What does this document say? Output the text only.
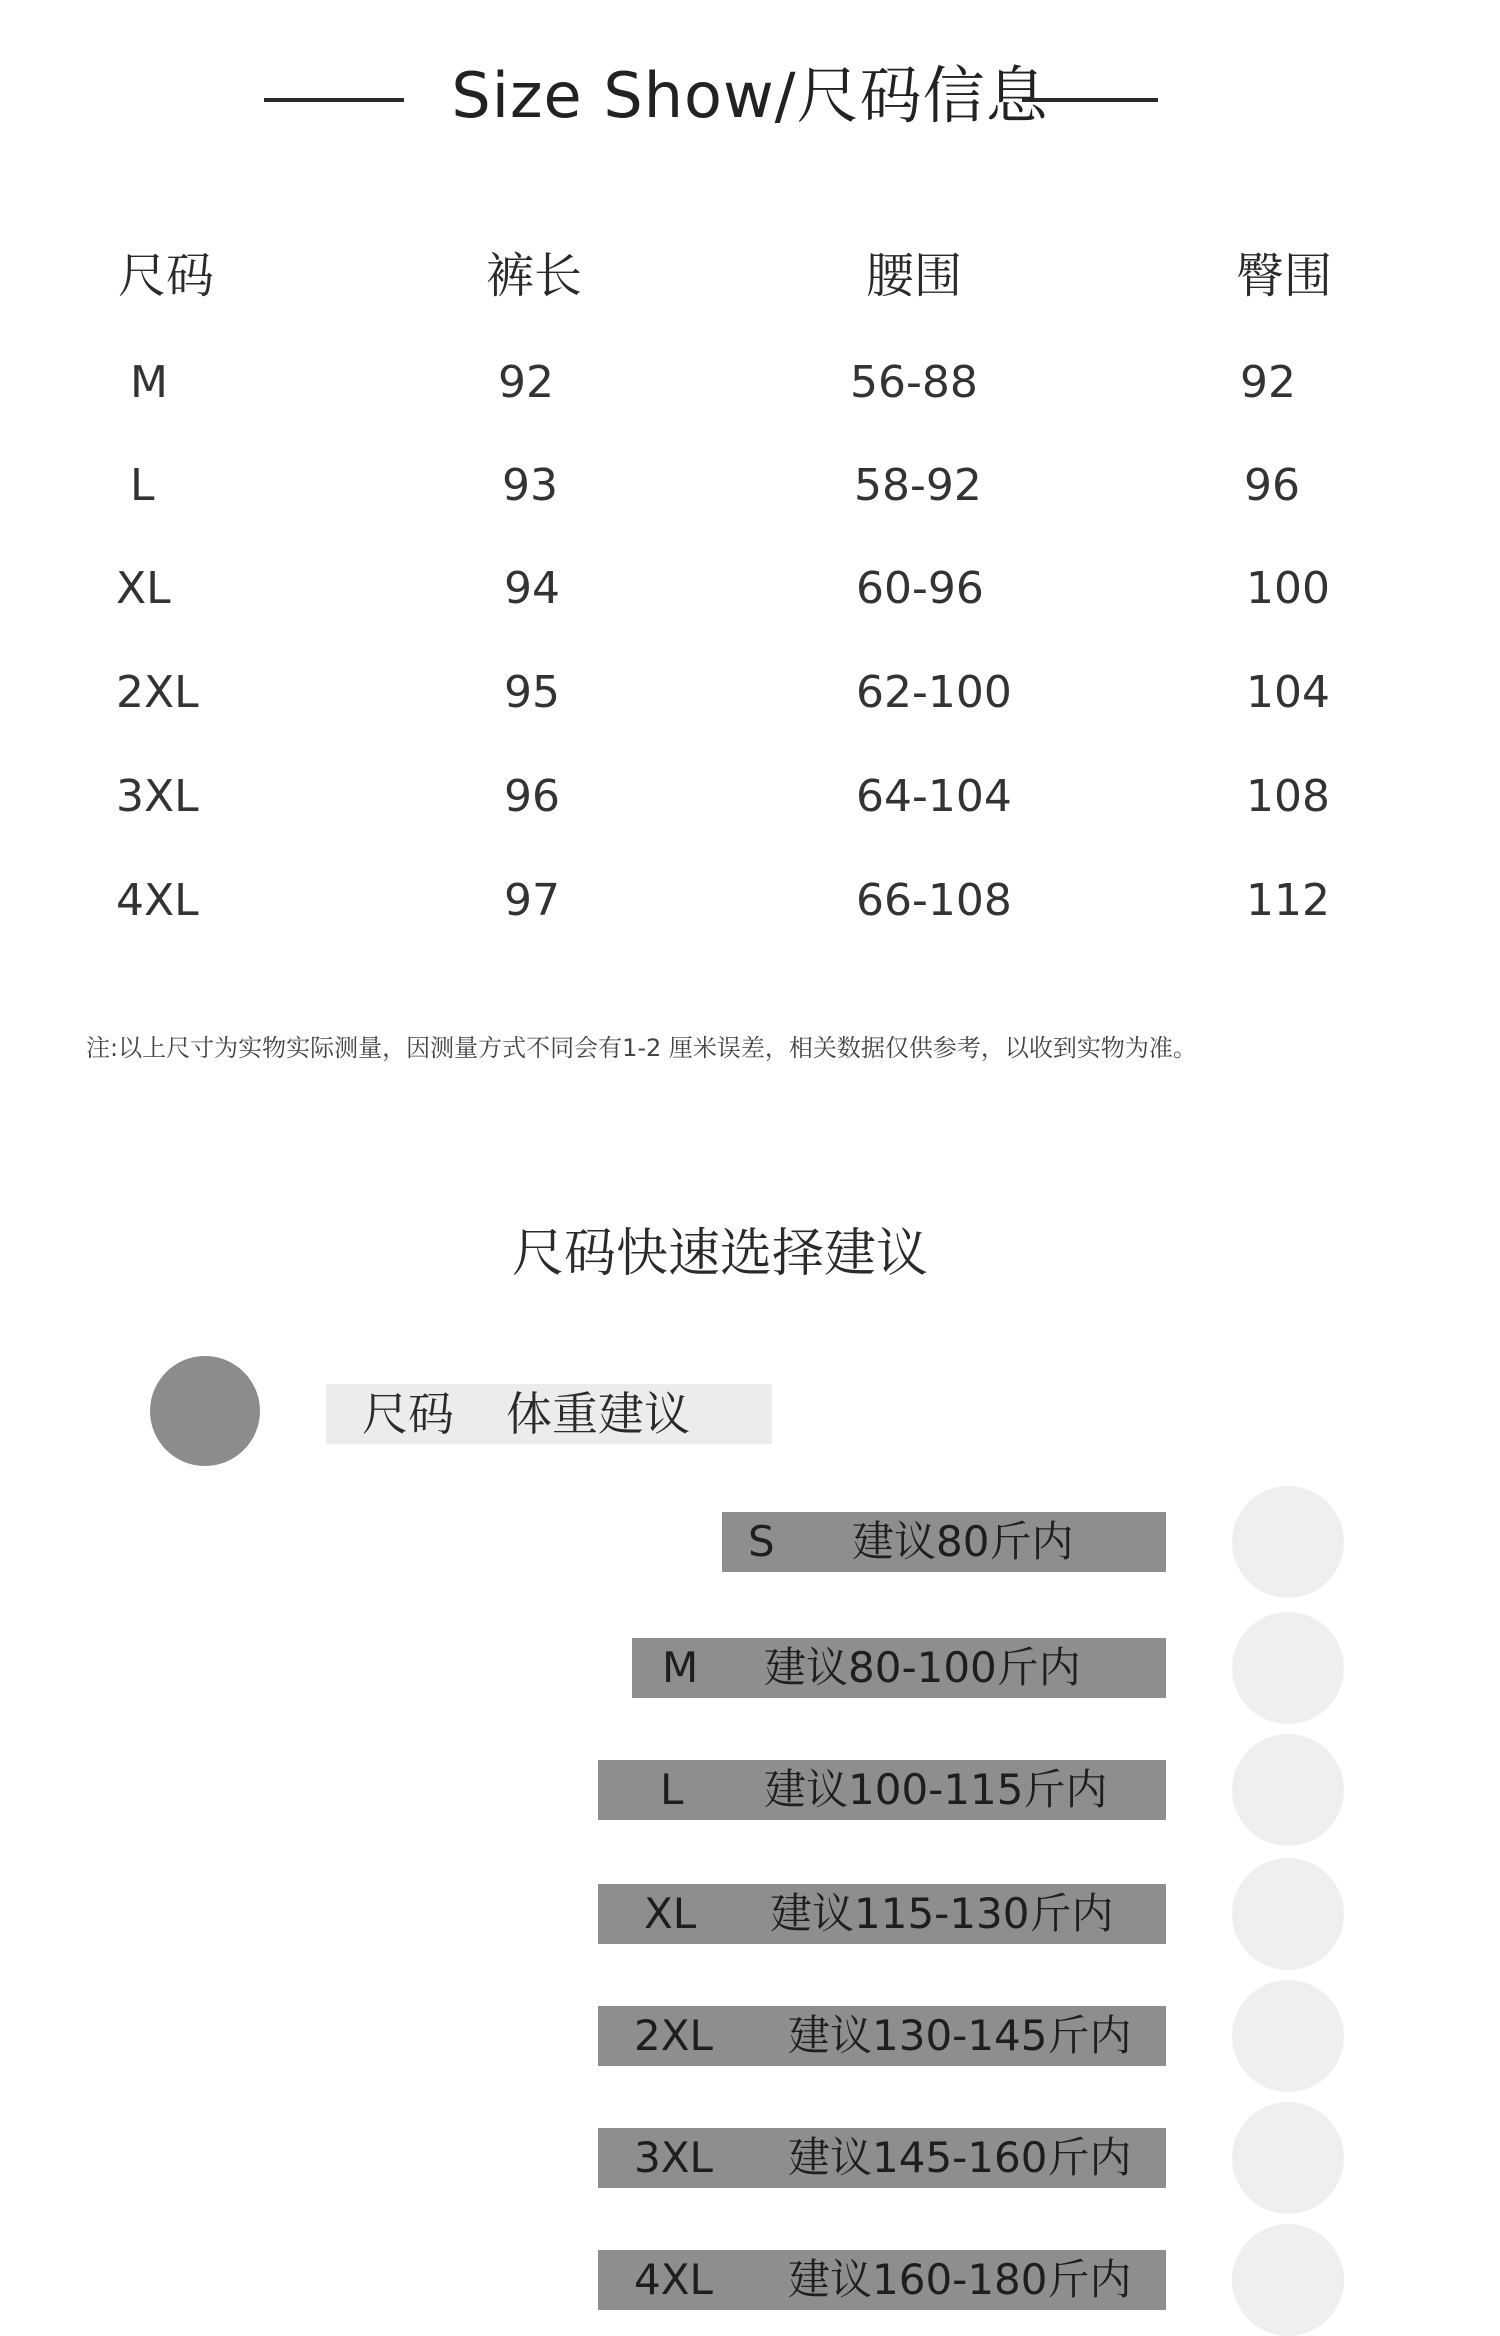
Size Show/尺码信息
尺码	裤长	腰围	臀围
M	92	56-88	92
L	93	58-92	96
XL	94	60-96	100
2XL	95	62-100	104
3XL	96	64-104	108
4XL	97	66-108	112
注:以上尺寸为实物实际测量，因测量方式不同会有1-2 厘米误差，相关数据仅供参考，以收到实物为准。
尺码快速选择建议
尺码 体重建议
S 建议80斤内
M 建议80-100斤内
L 建议100-115斤内
XL 建议115-130斤内
2XL 建议130-145斤内
3XL 建议145-160斤内
4XL 建议160-180斤内
